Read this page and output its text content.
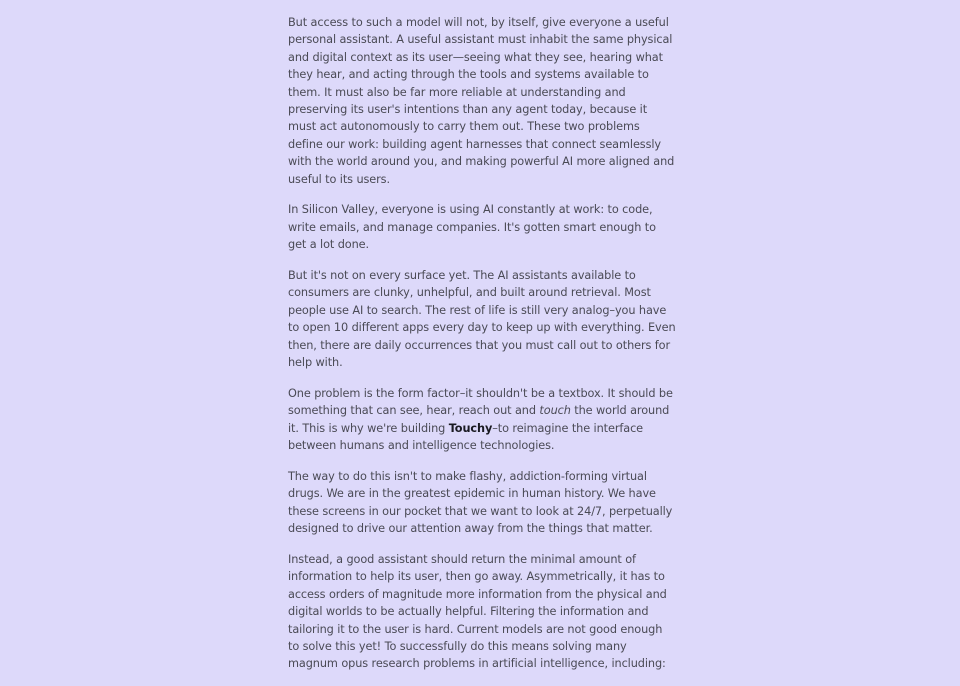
But access to such a model will not, by itself, give everyone a useful personal assistant. A useful assistant must inhabit the same physical and digital context as its user—seeing what they see, hearing what they hear, and acting through the tools and systems available to them. It must also be far more reliable at understanding and preserving its user's intentions than any agent today, because it must act autonomously to carry them out. These two problems define our work: building agent harnesses that connect seamlessly with the world around you, and making powerful AI more aligned and useful to its users.

In Silicon Valley, everyone is using AI constantly at work: to code, write emails, and manage companies. It's gotten smart enough to get a lot done.

But it's not on every surface yet. The AI assistants available to consumers are clunky, unhelpful, and built around retrieval. Most people use AI to search. The rest of life is still very analog–you have to open 10 different apps every day to keep up with everything. Even then, there are daily occurrences that you must call out to others for help with.

One problem is the form factor–it shouldn't be a textbox. It should be something that can see, hear, reach out and touch the world around it. This is why we're building Touchy–to reimagine the interface between humans and intelligence technologies.

The way to do this isn't to make flashy, addiction-forming virtual drugs. We are in the greatest epidemic in human history. We have these screens in our pocket that we want to look at 24/7, perpetually designed to drive our attention away from the things that matter.

Instead, a good assistant should return the minimal amount of information to help its user, then go away. Asymmetrically, it has to access orders of magnitude more information from the physical and digital worlds to be actually helpful. Filtering the information and tailoring it to the user is hard. Current models are not good enough to solve this yet! To successfully do this means solving many magnum opus research problems in artificial intelligence, including:
